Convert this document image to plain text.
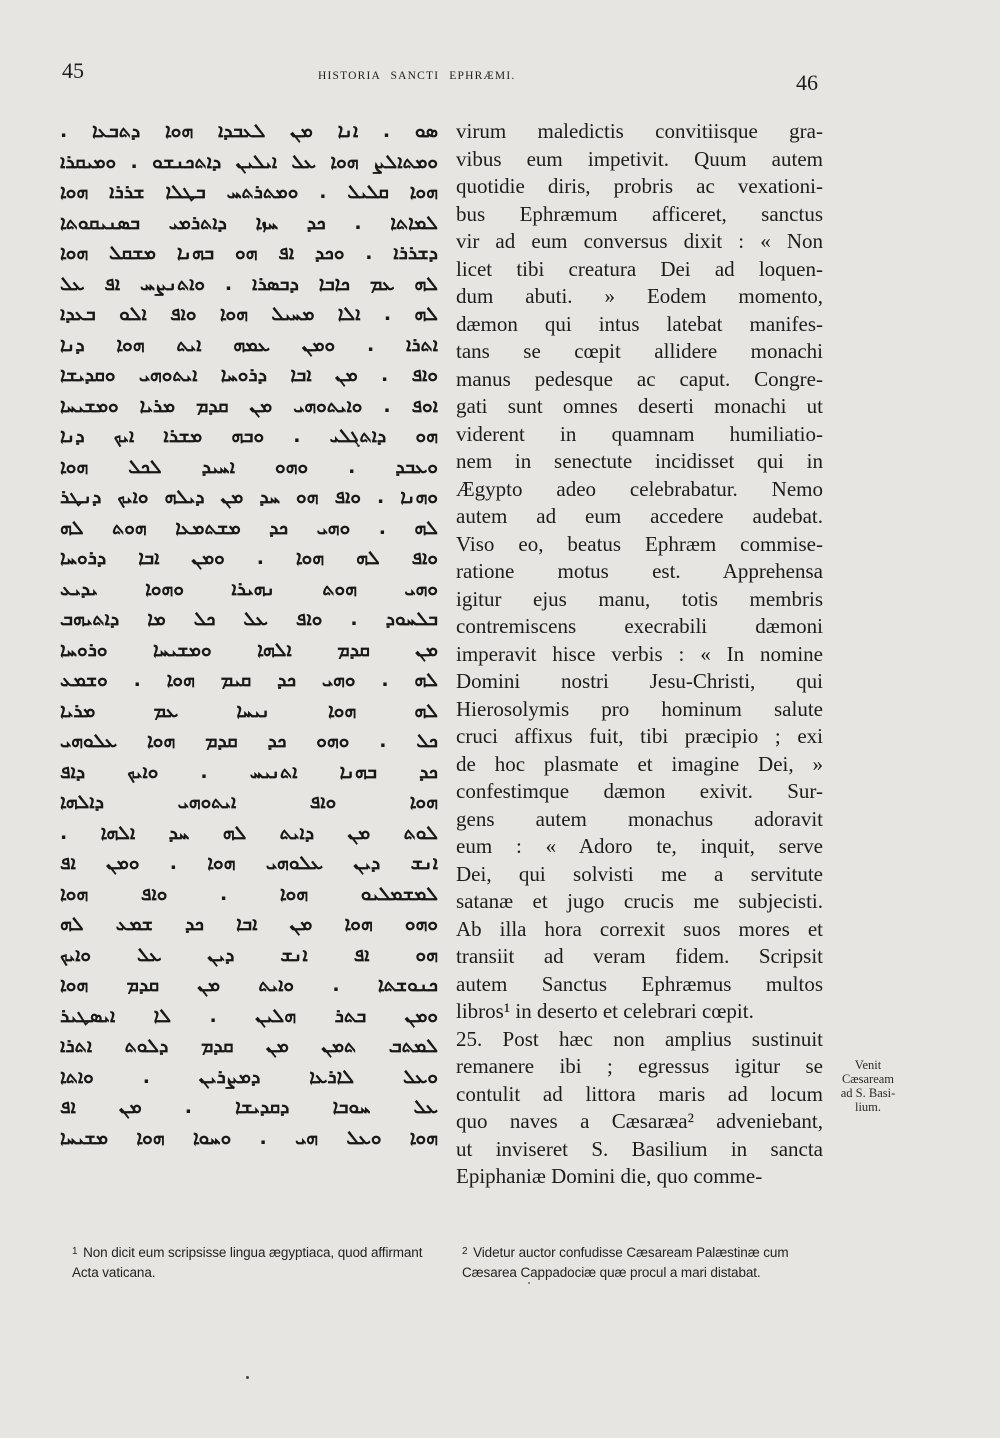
45	HISTORIA SANCTI EPHRÆMI.	46
ܣܘ . ܐܢܐ ܡܢ ܠܥܒܕܐ ܗܘܐ ܕܬܒܥܐ .
ܘܡܬܐܠܨ ܗܘܐ ܥܠ ܐܝܠܝܢ ܕܐܬܟܢܫܘ . ܘܡܝܩܪܐ
ܗܘܐ ܩܠܝܠ . ܘܡܬܪܬܚ ܒܛܠܐ ܫܪܪܐ ܗܘܐ
ܠܡܐܬܐ . ܟܕ ܚܙܐ ܕܐܬܪܡܝ ܒܣܢܝܩܘܬܐ
ܕܫܪܪܐ . ܘܟܕ ܐܦ ܗܘ ܒܗܢܐ ܡܫܩܠ ܗܘܐ
ܠܗ ܥܡ ܟܐܒܐ ܕܒܣܪܐ . ܘܐܬܢܨܚ ܐܦ ܥܠ
ܠܗ . ܐܠܐ ܡܚܝܠ ܗܘܐ ܘܐܦ ܐܠܘ ܒܥܕܐ
ܐܬܪܐ . ܘܡܢ ܥܡܗ ܐܝܬ ܗܘܐ ܕܢܐ
ܘܐܦ . ܡܢ ܐܒܐ ܕܪܘܚܐ ܐܝܬܘܗܝ ܘܩܕܝܫܐ
ܐܘܦ . ܘܐܝܬܘܗܝ ܡܢ ܩܕܡ ܡܪܝܐ ܘܡܫܝܚܐ
ܗܘ ܕܐܬܓܠܝ . ܘܒܗ ܡܫܪܐ ܐܝܟ ܕܢܐ
ܘܥܒܕ . ܘܗܘ ܐܚܝܕ ܠܟܠ ܗܘܐ
ܘܗܢܐ . ܘܐܦ ܗܘ ܚܕ ܡܢ ܕܝܠܗ ܘܐܝܟ ܕܢܛܪ
ܠܗ . ܘܗܝ ܟܕ ܡܫܬܡܥܐ ܗܘܬ ܠܗ
ܘܐܦ ܠܗ ܗܘܐ . ܘܡܢ ܐܒܐ ܕܪܘܚܐ
ܘܗܝ ܗܘܬ ܢܗܝܪܐ ܘܗܘܐ ܝܕܝܥ
ܒܠܚܘܕ . ܘܐܦ ܥܠ ܟܠ ܡܐ ܕܐܬܝܗܒ
ܡܢ ܩܕܡ ܐܠܗܐ ܘܡܫܝܚܐ ܘܪܘܚܐ
ܠܗ . ܘܗܝ ܟܕ ܩܝܡ ܗܘܐ . ܘܫܡܥ
ܠܗ ܗܘܐ ܢܝܚܐ ܥܡ ܡܪܝܐ
ܟܠ . ܘܗܘ ܟܕ ܩܕܡ ܗܘܐ ܥܠܘܗܝ
ܟܕ ܒܗܢܐ ܐܬܢܝܚ . ܘܐܝܟ ܕܐܦ
ܗܘܐ ܘܐܦ ܐܝܬܘܗܝ ܕܐܠܗܐ
ܠܘܬ ܡܢ ܕܐܝܬ ܠܗ ܚܕ ܐܠܗܐ .
ܐܢܫ ܕܝܢ ܥܠܘܗܝ ܗܘܐ . ܘܡܢ ܐܦ
ܠܡܫܡܠܝܘ ܗܘܐ . ܘܐܦ ܗܘܐ
ܘܗܘ ܗܘܐ ܡܢ ܐܒܐ ܟܕ ܫܡܥ ܠܗ
ܗܘ ܐܦ ܐܢܫ ܕܝܢ ܥܠ ܘܐܝܟ
ܟܢܘܫܬܐ . ܘܐܝܬ ܡܢ ܩܕܡ ܗܘܐ
ܘܡܢ ܒܬܪ ܗܠܝܢ . ܠܐ ܐܝܣܛܝܪ
ܠܡܬܒ ܬܡܢ ܡܢ ܩܕܡ ܕܠܘܬ ܐܬܪܐ
ܘܥܠ ܠܐܪܥܐ ܕܡܨܪܝܢ . ܘܐܬܐ
ܥܠ ܚܘܒܐ ܕܩܕܝܫܐ . ܡܢ ܐܦ
ܗܘܐ ܘܥܠ ܗܝ . ܘܚܘܐ ܗܘܐ ܡܫܝܚܐ
virum maledictis convitiisque gra-
vibus eum impetivit. Quum autem
quotidie diris, probris ac vexationi-
bus Ephræmum afficeret, sanctus
vir ad eum conversus dixit : « Non
licet tibi creatura Dei ad loquen-
dum abuti. » Eodem momento,
dæmon qui intus latebat manifes-
tans se cœpit allidere monachi
manus pedesque ac caput. Congre-
gati sunt omnes deserti monachi ut
viderent in quamnam humiliatio-
nem in senectute incidisset qui in
Ægypto adeo celebrabatur. Nemo
autem ad eum accedere audebat.
Viso eo, beatus Ephræm commise-
ratione motus est. Apprehensa
igitur ejus manu, totis membris
contremiscens execrabili dæmoni
imperavit hisce verbis : « In nomine
Domini nostri Jesu-Christi, qui
Hierosolymis pro hominum salute
cruci affixus fuit, tibi præcipio ; exi
de hoc plasmate et imagine Dei, »
confestimque dæmon exivit. Sur-
gens autem monachus adoravit
eum : « Adoro te, inquit, serve
Dei, qui solvisti me a servitute
satanæ et jugo crucis me subjecisti.
Ab illa hora correxit suos mores et
transiit ad veram fidem. Scripsit
autem Sanctus Ephræmus multos
libros¹ in deserto et celebrari cœpit.
25. Post hæc non amplius sustinuit
remanere ibi ; egressus igitur se
contulit ad littora maris ad locum
quo naves a Cæsaræa² adveniebant,
ut inviseret S. Basilium in sancta
Epiphaniæ Domini die, quo comme-
Venit
Cæsaream
ad S. Basi-
lium.
$^1$ Non dicit eum scripsisse lingua ægyptiaca, quod affirmant Acta vaticana.
$^2$ Videtur auctor confudisse Cæsaream Palæstinæ cum Cæsarea Cappadociæ quæ procul a mari distabat.
